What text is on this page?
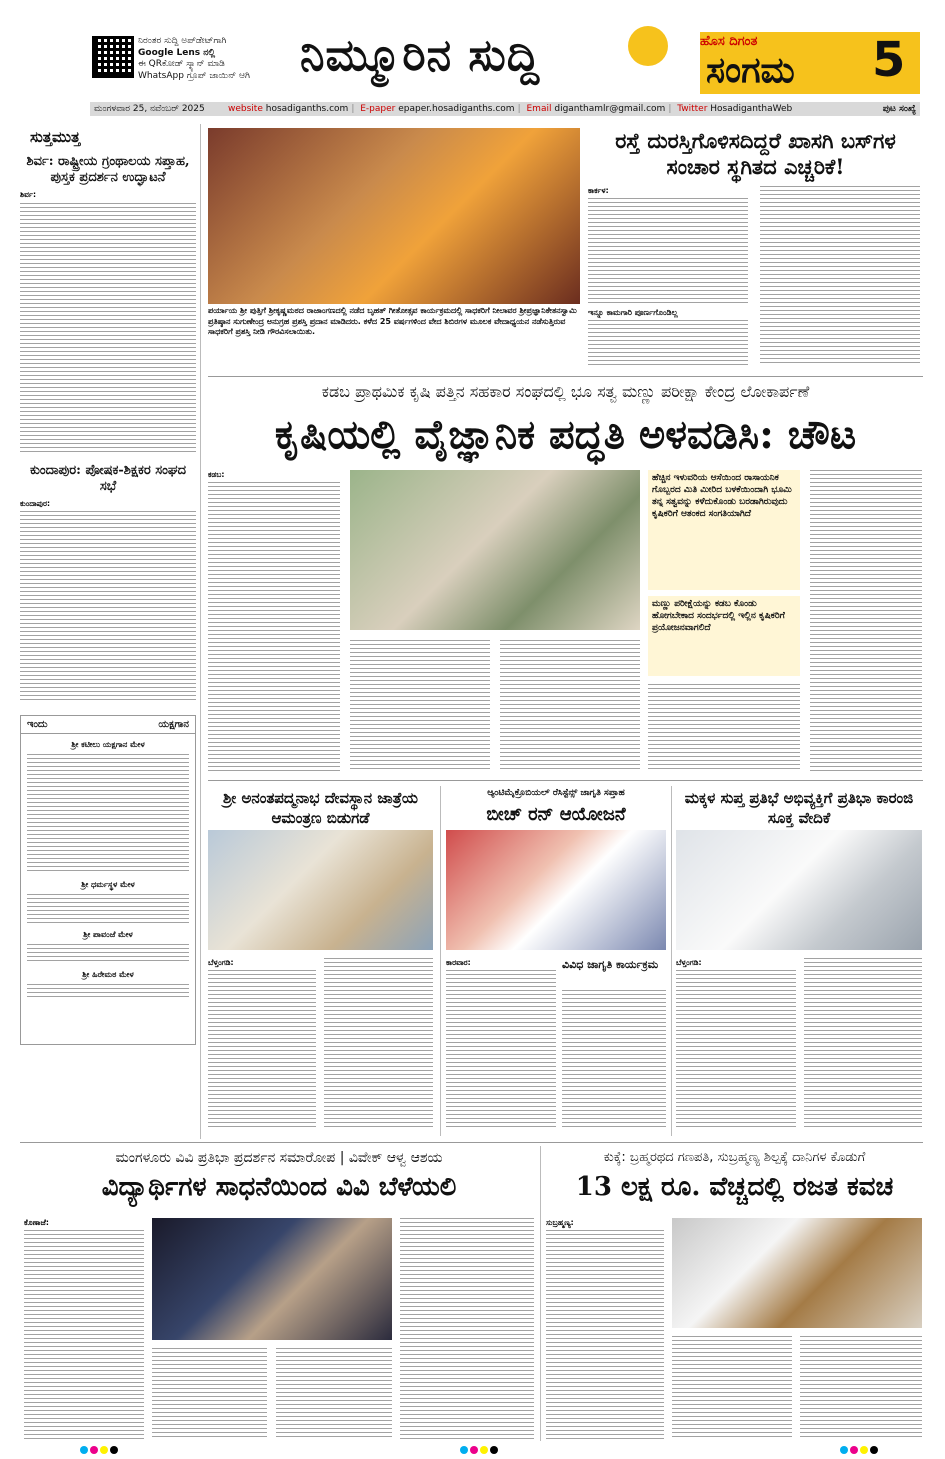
ನಿರಂತರ ಸುದ್ದಿ ಅಪ್‌ಡೇಟ್‌ಗಾಗಿ
Google Lens ನಲ್ಲಿ
ಈ QRಕೋಡ್ ಸ್ಕ್ಯಾನ್ ಮಾಡಿ
WhatsApp ಗ್ರೂಪ್ ಜಾಯಿನ್ ಆಗಿ	ನಿಮ್ಮೂರಿನ ಸುದ್ದಿ	ಹೊಸ ದಿಗಂತ
ಸಂಗಮ 5
ಮಂಗಳವಾರ 25, ನವೆಂಬರ್ 2025	website hosadiganths.com | E-paper epaper.hosadiganths.com | Email diganthamlr@gmail.com | Twitter HosadiganthaWeb	ಪುಟ ಸಂಖ್ಯೆ
ಸುತ್ತಮುತ್ತ
ಶಿರ್ವ: ರಾಷ್ಟ್ರೀಯ ಗ್ರಂಥಾಲಯ ಸಪ್ತಾಹ, ಪುಸ್ತಕ ಪ್ರದರ್ಶನ ಉದ್ಘಾಟನೆ
ಶಿರ್ವ:
ಕುಂದಾಪುರ: ಪೋಷಕ-ಶಿಕ್ಷಕರ ಸಂಘದ ಸಭೆ
ಕುಂದಾಪುರ:
ಇಂದು	ಯಕ್ಷಗಾನ
ಶ್ರೀ ಕಟೀಲು ಯಕ್ಷಗಾನ ಮೇಳ
ಶ್ರೀ ಧರ್ಮಸ್ಥಳ ಮೇಳ
ಶ್ರೀ ಪಾವಂಜೆ ಮೇಳ
ಶ್ರೀ ಹಿರೇಮಠ ಮೇಳ
ಪರ್ಯಾಯ ಶ್ರೀ ಪುತ್ತಿಗೆ ಶ್ರೀಕೃಷ್ಣಮಠದ ರಾಜಾಂಗಣದಲ್ಲಿ ನಡೆದ ಬೃಹತ್ ಗೀತೋತ್ಸವ ಕಾರ್ಯಕ್ರಮದಲ್ಲಿ ಸಾಧಕರಿಗೆ ನೀಲಾವರ ಶ್ರೀಪ್ರಜ್ಞಾನಿಕೇತನಸ್ವಾಮಿ ಪ್ರತಿಷ್ಠಾನ ಸುಗುಣೇಂದ್ರ ಅನುಗ್ರಹ ಪ್ರಶಸ್ತಿ ಪ್ರದಾನ ಮಾಡಿದರು. ಕಳೆದ 25 ವರ್ಷಗಳಿಂದ ವೇದ ಶಿಬಿರಗಳ ಮೂಲಕ ವೇದಾಧ್ಯಯನ ನಡೆಸುತ್ತಿರುವ ಸಾಧಕರಿಗೆ ಪ್ರಶಸ್ತಿ ನೀಡಿ ಗೌರವಿಸಲಾಯಿತು.
ರಸ್ತೆ ದುರಸ್ತಿಗೊಳಿಸದಿದ್ದರೆ ಖಾಸಗಿ ಬಸ್‌ಗಳ ಸಂಚಾರ ಸ್ಥಗಿತದ ಎಚ್ಚರಿಕೆ!
ಕಾರ್ಕಳ:
ಇನ್ನೂ ಕಾಮಗಾರಿ ಪೂರ್ಣಗೊಂಡಿಲ್ಲ
ಕಡಬ ಪ್ರಾಥಮಿಕ ಕೃಷಿ ಪತ್ತಿನ ಸಹಕಾರ ಸಂಘದಲ್ಲಿ ಭೂ ಸತ್ವ ಮಣ್ಣು ಪರೀಕ್ಷಾ ಕೇಂದ್ರ ಲೋಕಾರ್ಪಣೆ
ಕೃಷಿಯಲ್ಲಿ ವೈಜ್ಞಾನಿಕ ಪದ್ಧತಿ ಅಳವಡಿಸಿ: ಚೌಟ
ಕಡಬ:	ಹೆಚ್ಚಿನ ಇಳುವರಿಯ ಆಸೆಯಿಂದ ರಾಸಾಯನಿಕ ಗೊಬ್ಬರದ ಮಿತಿ ಮೀರಿದ ಬಳಕೆಯಿಂದಾಗಿ ಭೂಮಿ ತನ್ನ ಸತ್ವವನ್ನು ಕಳೆದುಕೊಂಡು ಬರಡಾಗಿರುವುದು ಕೃಷಿಕರಿಗೆ ಆತಂಕದ ಸಂಗತಿಯಾಗಿದೆ
ಮಣ್ಣು ಪರೀಕ್ಷೆಯನ್ನು ಕಡಬ ಕೊಂಡು ಹೋಗಬೇಕಾದ ಸಂದರ್ಭದಲ್ಲಿ ಇಲ್ಲಿನ ಕೃಷಿಕರಿಗೆ ಪ್ರಯೋಜನವಾಗಲಿದೆ
ಶ್ರೀ ಅನಂತಪದ್ಮನಾಭ ದೇವಸ್ಥಾನ ಜಾತ್ರೆಯ ಆಮಂತ್ರಣ ಬಿಡುಗಡೆ
ಬೆಳ್ತಂಗಡಿ:
ಆ್ಯಂಟಿಮೈಕ್ರೊಬಿಯಲ್ ರೆಸಿಸ್ಟೆನ್ಸ್ ಜಾಗೃತಿ ಸಪ್ತಾಹ
ಬೀಚ್ ರನ್ ಆಯೋಜನೆ
ಕಾರವಾರ:	ವಿವಿಧ ಜಾಗೃತಿ ಕಾರ್ಯಕ್ರಮ
ಮಕ್ಕಳ ಸುಪ್ತ ಪ್ರತಿಭೆ ಅಭಿವ್ಯಕ್ತಿಗೆ ಪ್ರತಿಭಾ ಕಾರಂಜಿ ಸೂಕ್ತ ವೇದಿಕೆ
ಬೆಳ್ತಂಗಡಿ:
ಮಂಗಳೂರು ವಿವಿ ಪ್ರತಿಭಾ ಪ್ರದರ್ಶನ ಸಮಾರೋಪ | ವಿವೇಕ್ ಆಳ್ವ ಆಶಯ
ವಿದ್ಯಾರ್ಥಿಗಳ ಸಾಧನೆಯಿಂದ ವಿವಿ ಬೆಳೆಯಲಿ
ಕೊಣಾಜೆ:
ಕುಕ್ಕೆ: ಬ್ರಹ್ಮರಥದ ಗಣಪತಿ, ಸುಬ್ರಹ್ಮಣ್ಯ ಶಿಲ್ಪಕ್ಕೆ ದಾನಿಗಳ ಕೊಡುಗೆ
13 ಲಕ್ಷ ರೂ. ವೆಚ್ಚದಲ್ಲಿ ರಜತ ಕವಚ
ಸುಬ್ರಹ್ಮಣ್ಯ:
